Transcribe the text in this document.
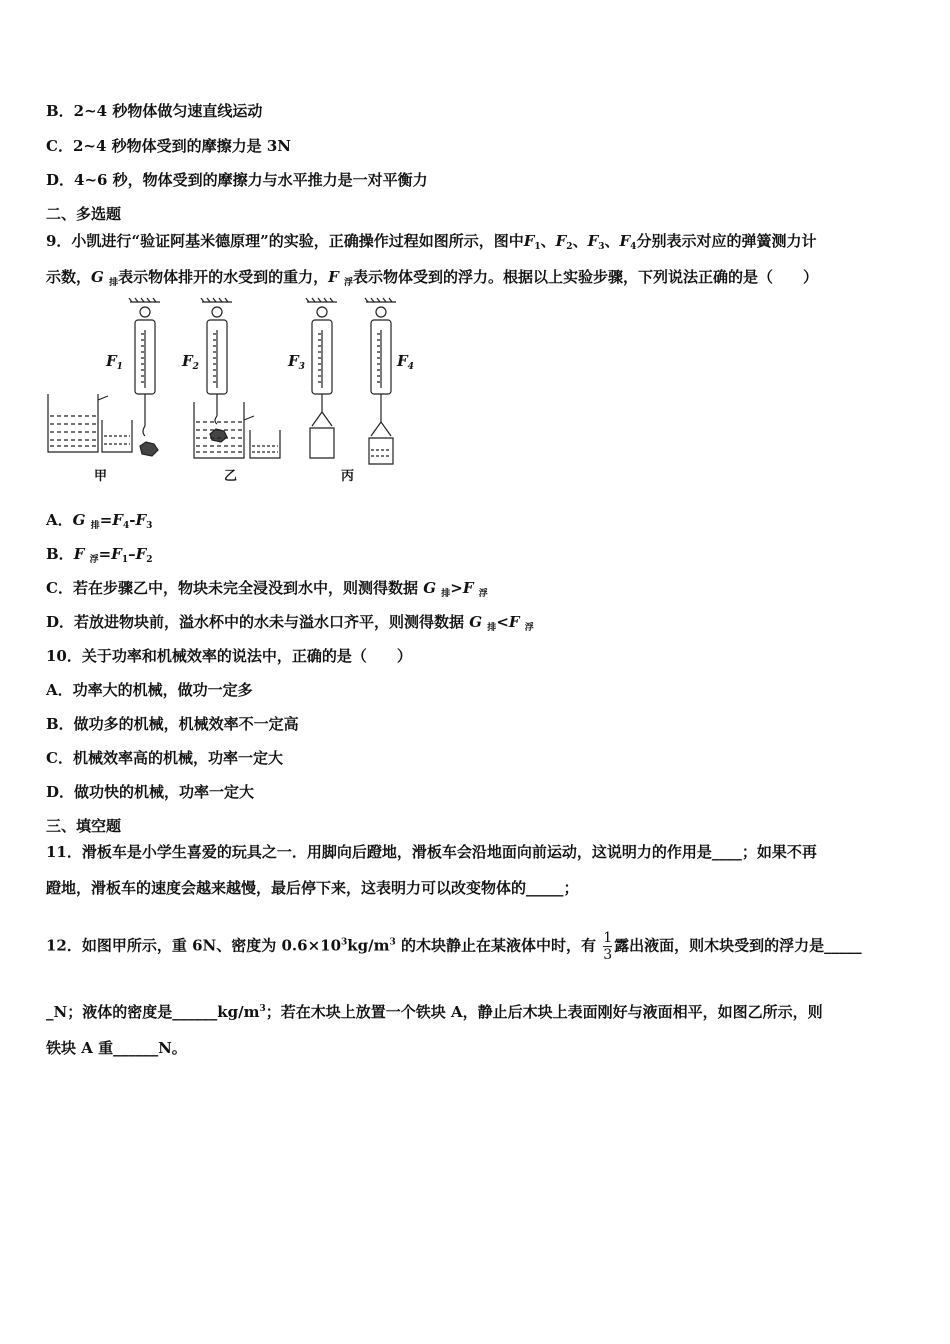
B．2~4 秒物体做匀速直线运动
C．2~4 秒物体受到的摩擦力是 3N
D．4~6 秒，物体受到的摩擦力与水平推力是一对平衡力
二、多选题
9．小凯进行“验证阿基米德原理”的实验，正确操作过程如图所示，图中$F_1$、$F_2$、$F_3$、$F_4$分别表示对应的弹簧测力计
示数，G $_排$表示物体排开的水受到的重力，F $_浮$表示物体受到的浮力。根据以上实验步骤，下列说法正确的是（　　）
$F_1$	$F_2$	$F_3$	$F_4$
甲	乙	丙
A．G $_排=F_4-F_3$
B．F $_浮=F_1-F_2$
C．若在步骤乙中，物块未完全浸没到水中，则测得数据 G $_排$>F $_浮$
D．若放进物块前，溢水杯中的水未与溢水口齐平，则测得数据 G $_排$<F $_浮$
10．关于功率和机械效率的说法中，正确的是（　　）
A．功率大的机械，做功一定多
B．做功多的机械，机械效率不一定高
C．机械效率高的机械，功率一定大
D．做功快的机械，功率一定大
三、填空题
11．滑板车是小学生喜爱的玩具之一．用脚向后蹬地，滑板车会沿地面向前运动，这说明力的作用是____；如果不再
蹬地，滑板车的速度会越来越慢，最后停下来，这表明力可以改变物体的_____；
12．如图甲所示，重 6N、密度为 $0.6\times 10^3kg/m^3$ 的木块静止在某液体中时，有 $\frac{1}{3}$ 露出液面，则木块受到的浮力是_____
_N；液体的密度是$\_\_\_\_\_\_kg/m^3$；若在木块上放置一个铁块 A，静止后木块上表面刚好与液面相平，如图乙所示，则
铁块 A 重______N。
